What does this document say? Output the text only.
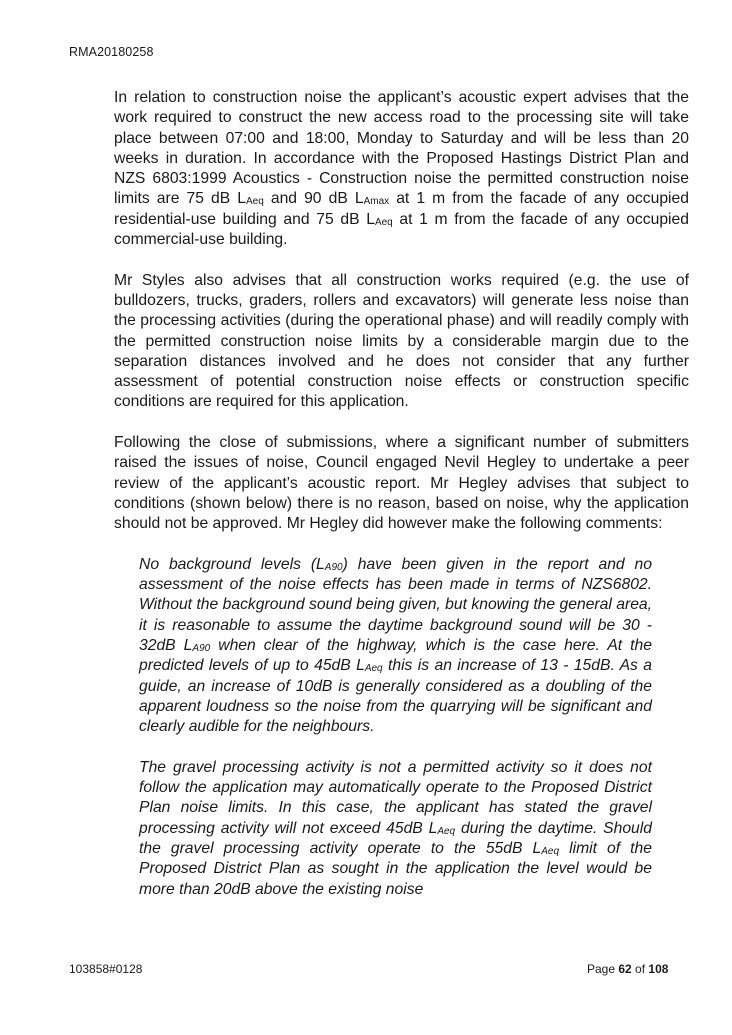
RMA20180258

In relation to construction noise the applicant’s acoustic expert advises that the work required to construct the new access road to the processing site will take place between 07:00 and 18:00, Monday to Saturday and will be less than 20 weeks in duration. In accordance with the Proposed Hastings District Plan and NZS 6803:1999 Acoustics - Construction noise the permitted construction noise limits are 75 dB LAeq and 90 dB LAmax at 1 m from the facade of any occupied residential-use building and 75 dB LAeq at 1 m from the facade of any occupied commercial-use building.

Mr Styles also advises that all construction works required (e.g. the use of bulldozers, trucks, graders, rollers and excavators) will generate less noise than the processing activities (during the operational phase) and will readily comply with the permitted construction noise limits by a considerable margin due to the separation distances involved and he does not consider that any further assessment of potential construction noise effects or construction specific conditions are required for this application.

Following the close of submissions, where a significant number of submitters raised the issues of noise, Council engaged Nevil Hegley to undertake a peer review of the applicant’s acoustic report. Mr Hegley advises that subject to conditions (shown below) there is no reason, based on noise, why the application should not be approved. Mr Hegley did however make the following comments:

No background levels (LA90) have been given in the report and no assessment of the noise effects has been made in terms of NZS6802. Without the background sound being given, but knowing the general area, it is reasonable to assume the daytime background sound will be 30 - 32dB LA90 when clear of the highway, which is the case here. At the predicted levels of up to 45dB LAeq this is an increase of 13 - 15dB. As a guide, an increase of 10dB is generally considered as a doubling of the apparent loudness so the noise from the quarrying will be significant and clearly audible for the neighbours.

The gravel processing activity is not a permitted activity so it does not follow the application may automatically operate to the Proposed District Plan noise limits. In this case, the applicant has stated the gravel processing activity will not exceed 45dB LAeq during the daytime. Should the gravel processing activity operate to the 55dB LAeq limit of the Proposed District Plan as sought in the application the level would be more than 20dB above the existing noise

103858#0128	Page 62 of 108
